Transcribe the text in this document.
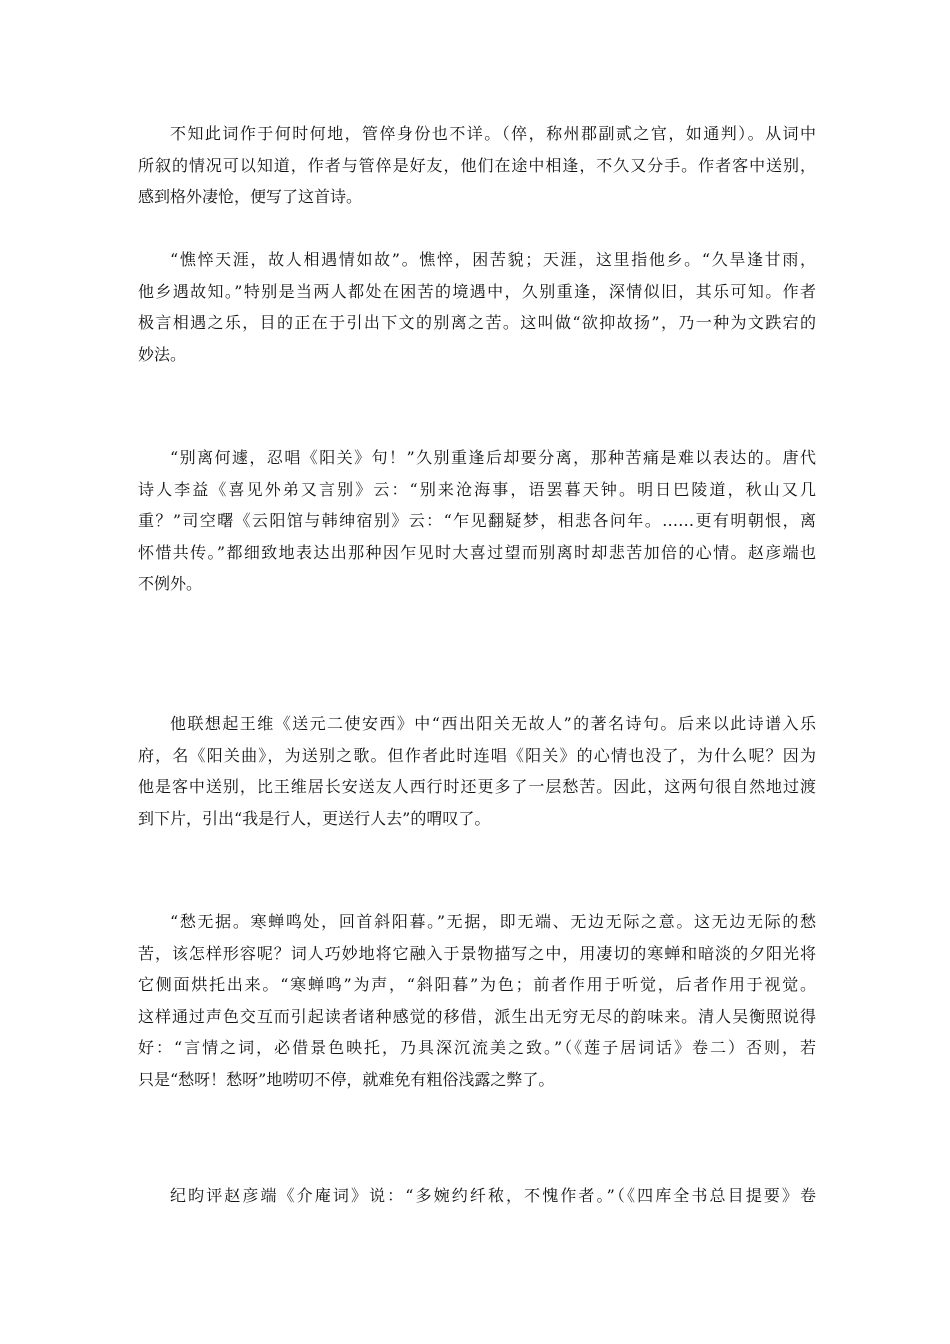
不知此词作于何时何地，管倅身份也不详。（倅，称州郡副贰之官，如通判）。从词中
所叙的情况可以知道，作者与管倅是好友，他们在途中相逢，不久又分手。作者客中送别，
感到格外凄怆，便写了这首诗。
“憔悴天涯，故人相遇情如故”。憔悴，困苦貌；天涯，这里指他乡。“久旱逢甘雨，
他乡遇故知。”特别是当两人都处在困苦的境遇中，久别重逢，深情似旧，其乐可知。作者
极言相遇之乐，目的正在于引出下文的别离之苦。这叫做“欲抑故扬”，乃一种为文跌宕的
妙法。
“别离何遽，忍唱《阳关》句！”久别重逢后却要分离，那种苦痛是难以表达的。唐代
诗人李益《喜见外弟又言别》云：“别来沧海事，语罢暮天钟。明日巴陵道，秋山又几
重？”司空曙《云阳馆与韩绅宿别》云：“乍见翻疑梦，相悲各问年。……更有明朝恨，离
怀惜共传。”都细致地表达出那种因乍见时大喜过望而别离时却悲苦加倍的心情。赵彦端也
不例外。
他联想起王维《送元二使安西》中“西出阳关无故人”的著名诗句。后来以此诗谱入乐
府，名《阳关曲》，为送别之歌。但作者此时连唱《阳关》的心情也没了，为什么呢？因为
他是客中送别，比王维居长安送友人西行时还更多了一层愁苦。因此，这两句很自然地过渡
到下片，引出“我是行人，更送行人去”的喟叹了。
“愁无据。寒蝉鸣处，回首斜阳暮。”无据，即无端、无边无际之意。这无边无际的愁
苦，该怎样形容呢？词人巧妙地将它融入于景物描写之中，用凄切的寒蝉和暗淡的夕阳光将
它侧面烘托出来。“寒蝉鸣”为声，“斜阳暮”为色；前者作用于听觉，后者作用于视觉。
这样通过声色交互而引起读者诸种感觉的移借，派生出无穷无尽的韵味来。清人吴衡照说得
好：“言情之词，必借景色映托，乃具深沉流美之致。”（《莲子居词话》卷二）否则，若
只是“愁呀！愁呀”地唠叨不停，就难免有粗俗浅露之弊了。
纪昀评赵彦端《介庵词》说：“多婉约纤秾，不愧作者。”（《四库全书总目提要》卷
